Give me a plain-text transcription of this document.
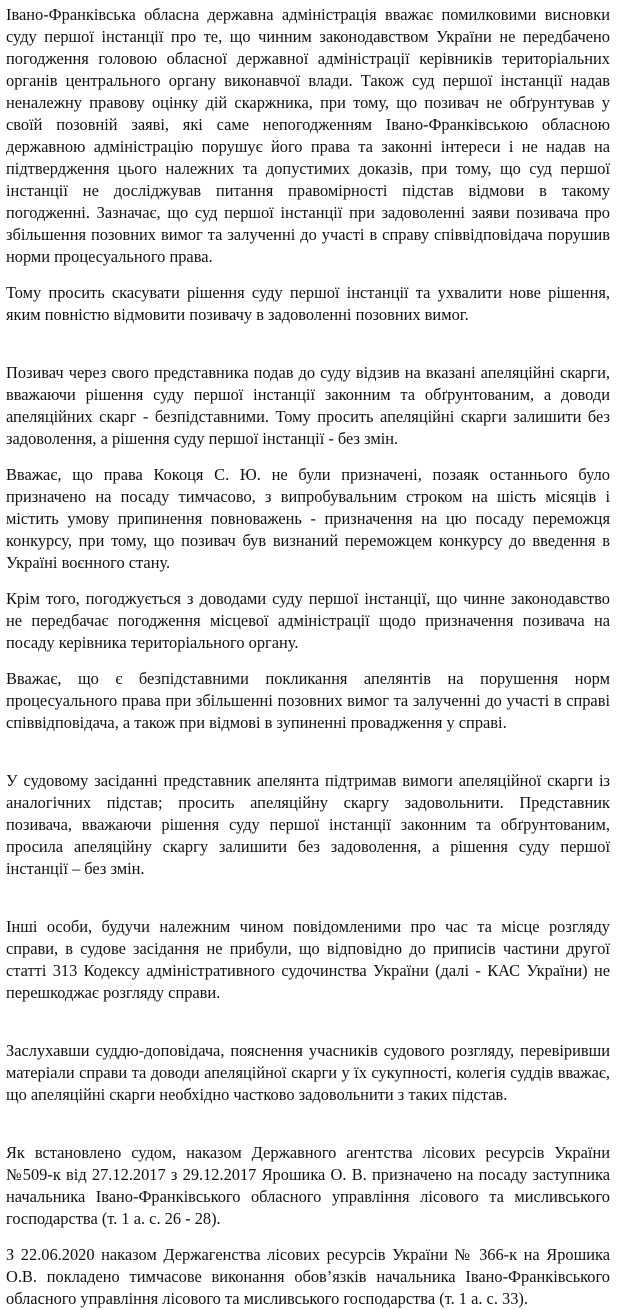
Івано-Франківська обласна державна адміністрація вважає помилковими висновки суду першої інстанції про те, що чинним законодавством України не передбачено погодження головою обласної державної адміністрації керівників територіальних органів центрального органу виконавчої влади. Також суд першої інстанції надав неналежну правову оцінку дій скаржника, при тому, що позивач не обґрунтував у своїй позовній заяві, які саме непогодженням Івано-Франківською обласною державною адміністрацію порушує його права та законні інтереси і не надав на підтвердження цього належних та допустимих доказів, при тому, що суд першої інстанції не досліджував питання правомірності підстав відмови в такому погодженні. Зазначає, що суд першої інстанції при задоволенні заяви позивача про збільшення позовних вимог та залученні до участі в справу співвідповідача порушив норми процесуального права.

Тому просить скасувати рішення суду першої інстанції та ухвалити нове рішення, яким повністю відмовити позивачу в задоволенні позовних вимог.

Позивач через свого представника подав до суду відзив на вказані апеляційні скарги, вважаючи рішення суду першої інстанції законним та обґрунтованим, а доводи апеляційних скарг - безпідставними. Тому просить апеляційні скарги залишити без задоволення, а рішення суду першої інстанції - без змін.

Вважає, що права Кокоця С. Ю. не були призначені, позаяк останнього було призначено на посаду тимчасово, з випробувальним строком на шість місяців і містить умову припинення повноважень - призначення на цю посаду переможця конкурсу, при тому, що позивач був визнаний переможцем конкурсу до введення в Україні воєнного стану.

Крім того, погоджується з доводами суду першої інстанції, що чинне законодавство не передбачає погодження місцевої адміністрації щодо призначення позивача на посаду керівника територіального органу.

Вважає, що є безпідставними покликання апелянтів на порушення норм процесуального права при збільшенні позовних вимог та залученні до участі в справі співвідповідача, а також при відмові в зупиненні провадження у справі.

У судовому засіданні представник апелянта підтримав вимоги апеляційної скарги із аналогічних підстав; просить апеляційну скаргу задовольнити. Представник позивача, вважаючи рішення суду першої інстанції законним та обґрунтованим, просила апеляційну скаргу залишити без задоволення, а рішення суду першої інстанції – без змін.

Інші особи, будучи належним чином повідомленими про час та місце розгляду справи, в судове засідання не прибули, що відповідно до приписів частини другої статті 313 Кодексу адміністративного судочинства України (далі - КАС України) не перешкоджає розгляду справи.

Заслухавши суддю-доповідача, пояснення учасників судового розгляду, перевіривши матеріали справи та доводи апеляційної скарги у їх сукупності, колегія суддів вважає, що апеляційні скарги необхідно частково задовольнити з таких підстав.

Як встановлено судом, наказом Державного агентства лісових ресурсів України №509-к від 27.12.2017 з 29.12.2017 Ярошика О. В. призначено на посаду заступника начальника Івано-Франківського обласного управління лісового та мисливського господарства (т. 1 а. с. 26 - 28).

З 22.06.2020 наказом Держагенства лісових ресурсів України № 366-к на Ярошика О.В. покладено тимчасове виконання обов’язків начальника Івано-Франківського обласного управління лісового та мисливського господарства (т. 1 а. с. 33).
